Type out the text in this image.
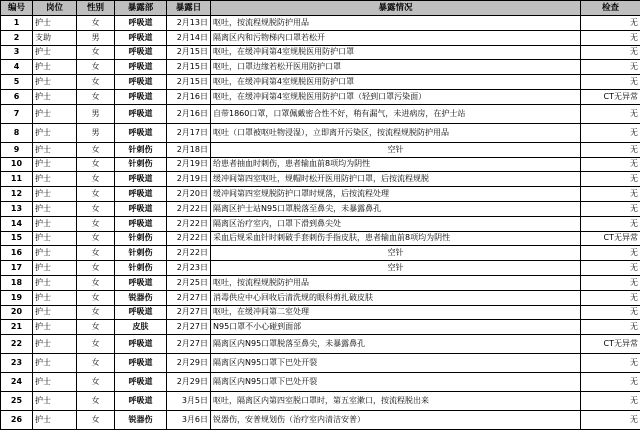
编号	岗位	性别	暴露部	暴露日	暴露情况	检查
1	护士	女	呼吸道	2月13日	呕吐，按流程规脱防护用品	无
2	支助	男	呼吸道	2月14日	隔离区内和污物梯内口罩若松开	无
3	护士	女	呼吸道	2月15日	呕吐，在缓冲间第4室规脱医用防护口罩	无
4	护士	女	呼吸道	2月15日	呕吐，口罩边缘若松开医用防护口罩	无
5	护士	女	呼吸道	2月15日	呕吐，在缓冲间第4室规脱医用防护口罩	无
6	护士	女	呼吸道	2月16日	呕吐，在缓冲间第4室规脱医用防护口罩（轻到口罩污染面）	CT无异常
7	护士	男	呼吸道	2月16日	自带1860口罩，口罩佩戴密合性不好，稍有漏气，未进病房，在护士站	无
8	护士	男	呼吸道	2月17日	呕吐（口罩被呕吐物浸湿），立即离开污染区，按流程规脱防护用品	无
9	护士	女	针刺伤	2月18日	空针	无
10	护士	女	针刺伤	2月19日	给患者抽血时刺伤，患者输血前8项均为阴性	无
11	护士	女	呼吸道	2月19日	缓冲间第四室呕吐，规帽时松开医用防护口罩，后按流程规脱	无
12	护士	女	呼吸道	2月20日	缓冲间第四室规脱防护口罩时规落，后按流程处理	无
13	护士	女	呼吸道	2月22日	隔离区护士站N95口罩脱落至鼻尖，未暴露鼻孔	无
14	护士	女	呼吸道	2月22日	隔离区治疗室内，口罩下滑到鼻尖处	无
15	护士	女	针刺伤	2月22日	采血后规采血针时刺破手套刺伤手指皮肤，患者输血前8项均为阴性	CT无异常
16	护士	女	针刺伤	2月22日	空针	无
17	护士	女	针刺伤	2月23日	空针	无
18	护士	女	呼吸道	2月25日	呕吐，按流程规脱防护用品	无
19	护士	女	锐器伤	2月27日	消毒供应中心回收后清洗规的眼科剪扎破皮肤	无
20	护士	女	呼吸道	2月27日	呕吐，在缓冲间第二室处理	无
21	护士	女	皮肤	2月27日	N95口罩不小心碰到面部	无
22	护士	女	呼吸道	2月27日	隔离区内N95口罩脱落至鼻尖，未暴露鼻孔	CT无异常
23	护士	女	呼吸道	2月29日	隔离区内N95口罩下巴处开裂	无
24	护士	女	呼吸道	2月29日	隔离区内N95口罩下巴处开裂	无
25	护士	女	呼吸道	3月5日	呕吐，隔离区内第四室脱口罩时，第五室漱口，按流程脱出来	无
26	护士	女	锐器伤	3月6日	锐器伤，安普规划伤（治疗室内清洁安普）	无
